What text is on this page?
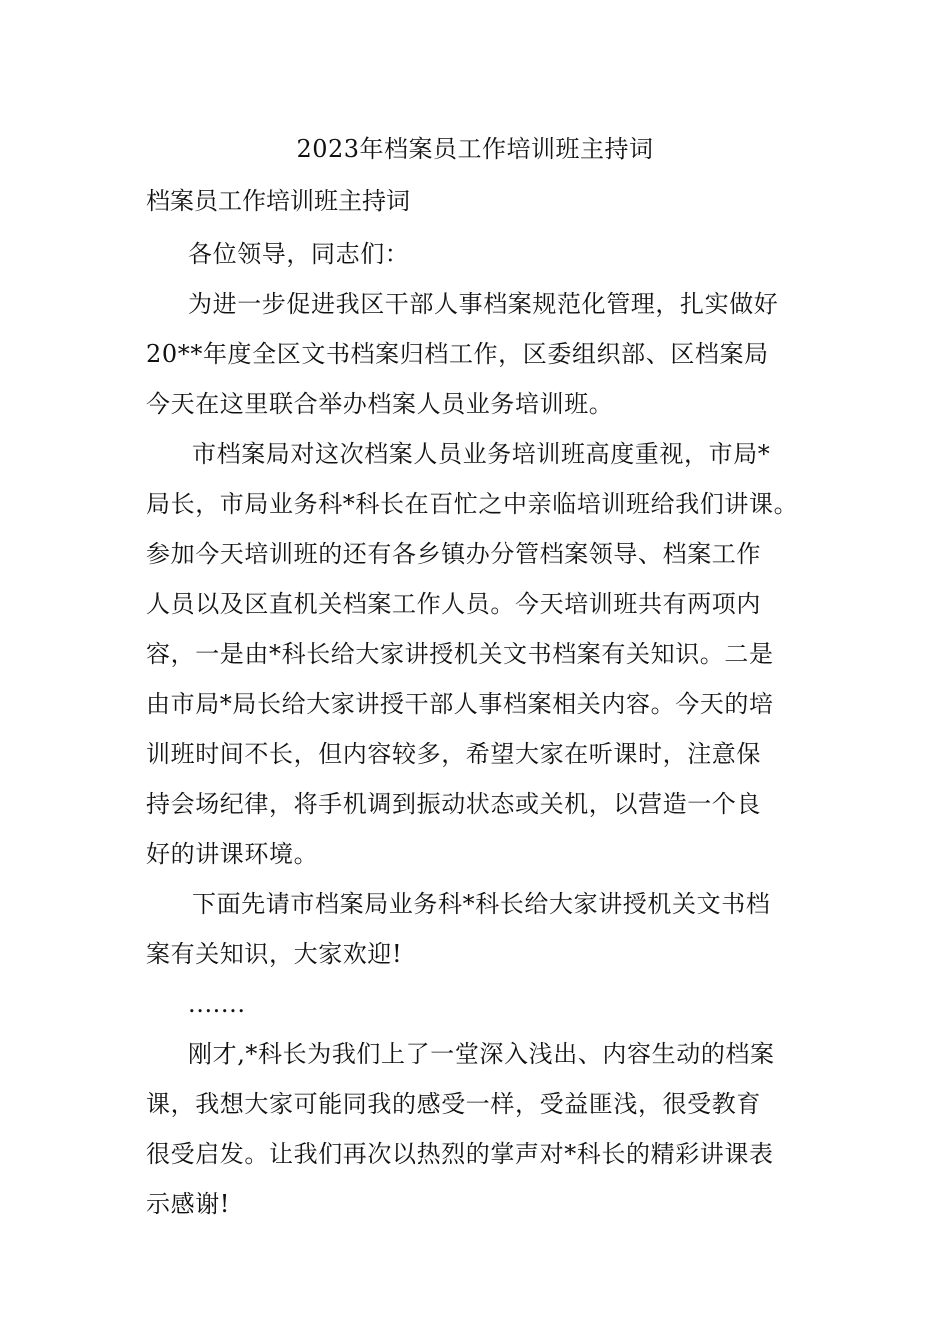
2023年档案员工作培训班主持词
档案员工作培训班主持词
各位领导，同志们：
为进一步促进我区干部人事档案规范化管理，扎实做好
20**年度全区文书档案归档工作，区委组织部、区档案局
今天在这里联合举办档案人员业务培训班。
市档案局对这次档案人员业务培训班高度重视，市局*
局长，市局业务科*科长在百忙之中亲临培训班给我们讲课。
参加今天培训班的还有各乡镇办分管档案领导、档案工作
人员以及区直机关档案工作人员。今天培训班共有两项内
容，一是由*科长给大家讲授机关文书档案有关知识。二是
由市局*局长给大家讲授干部人事档案相关内容。今天的培
训班时间不长，但内容较多，希望大家在听课时，注意保
持会场纪律，将手机调到振动状态或关机，以营造一个良
好的讲课环境。
下面先请市档案局业务科*科长给大家讲授机关文书档
案有关知识，大家欢迎!
.......
刚才,*科长为我们上了一堂深入浅出、内容生动的档案
课，我想大家可能同我的感受一样，受益匪浅，很受教育
很受启发。让我们再次以热烈的掌声对*科长的精彩讲课表
示感谢!
